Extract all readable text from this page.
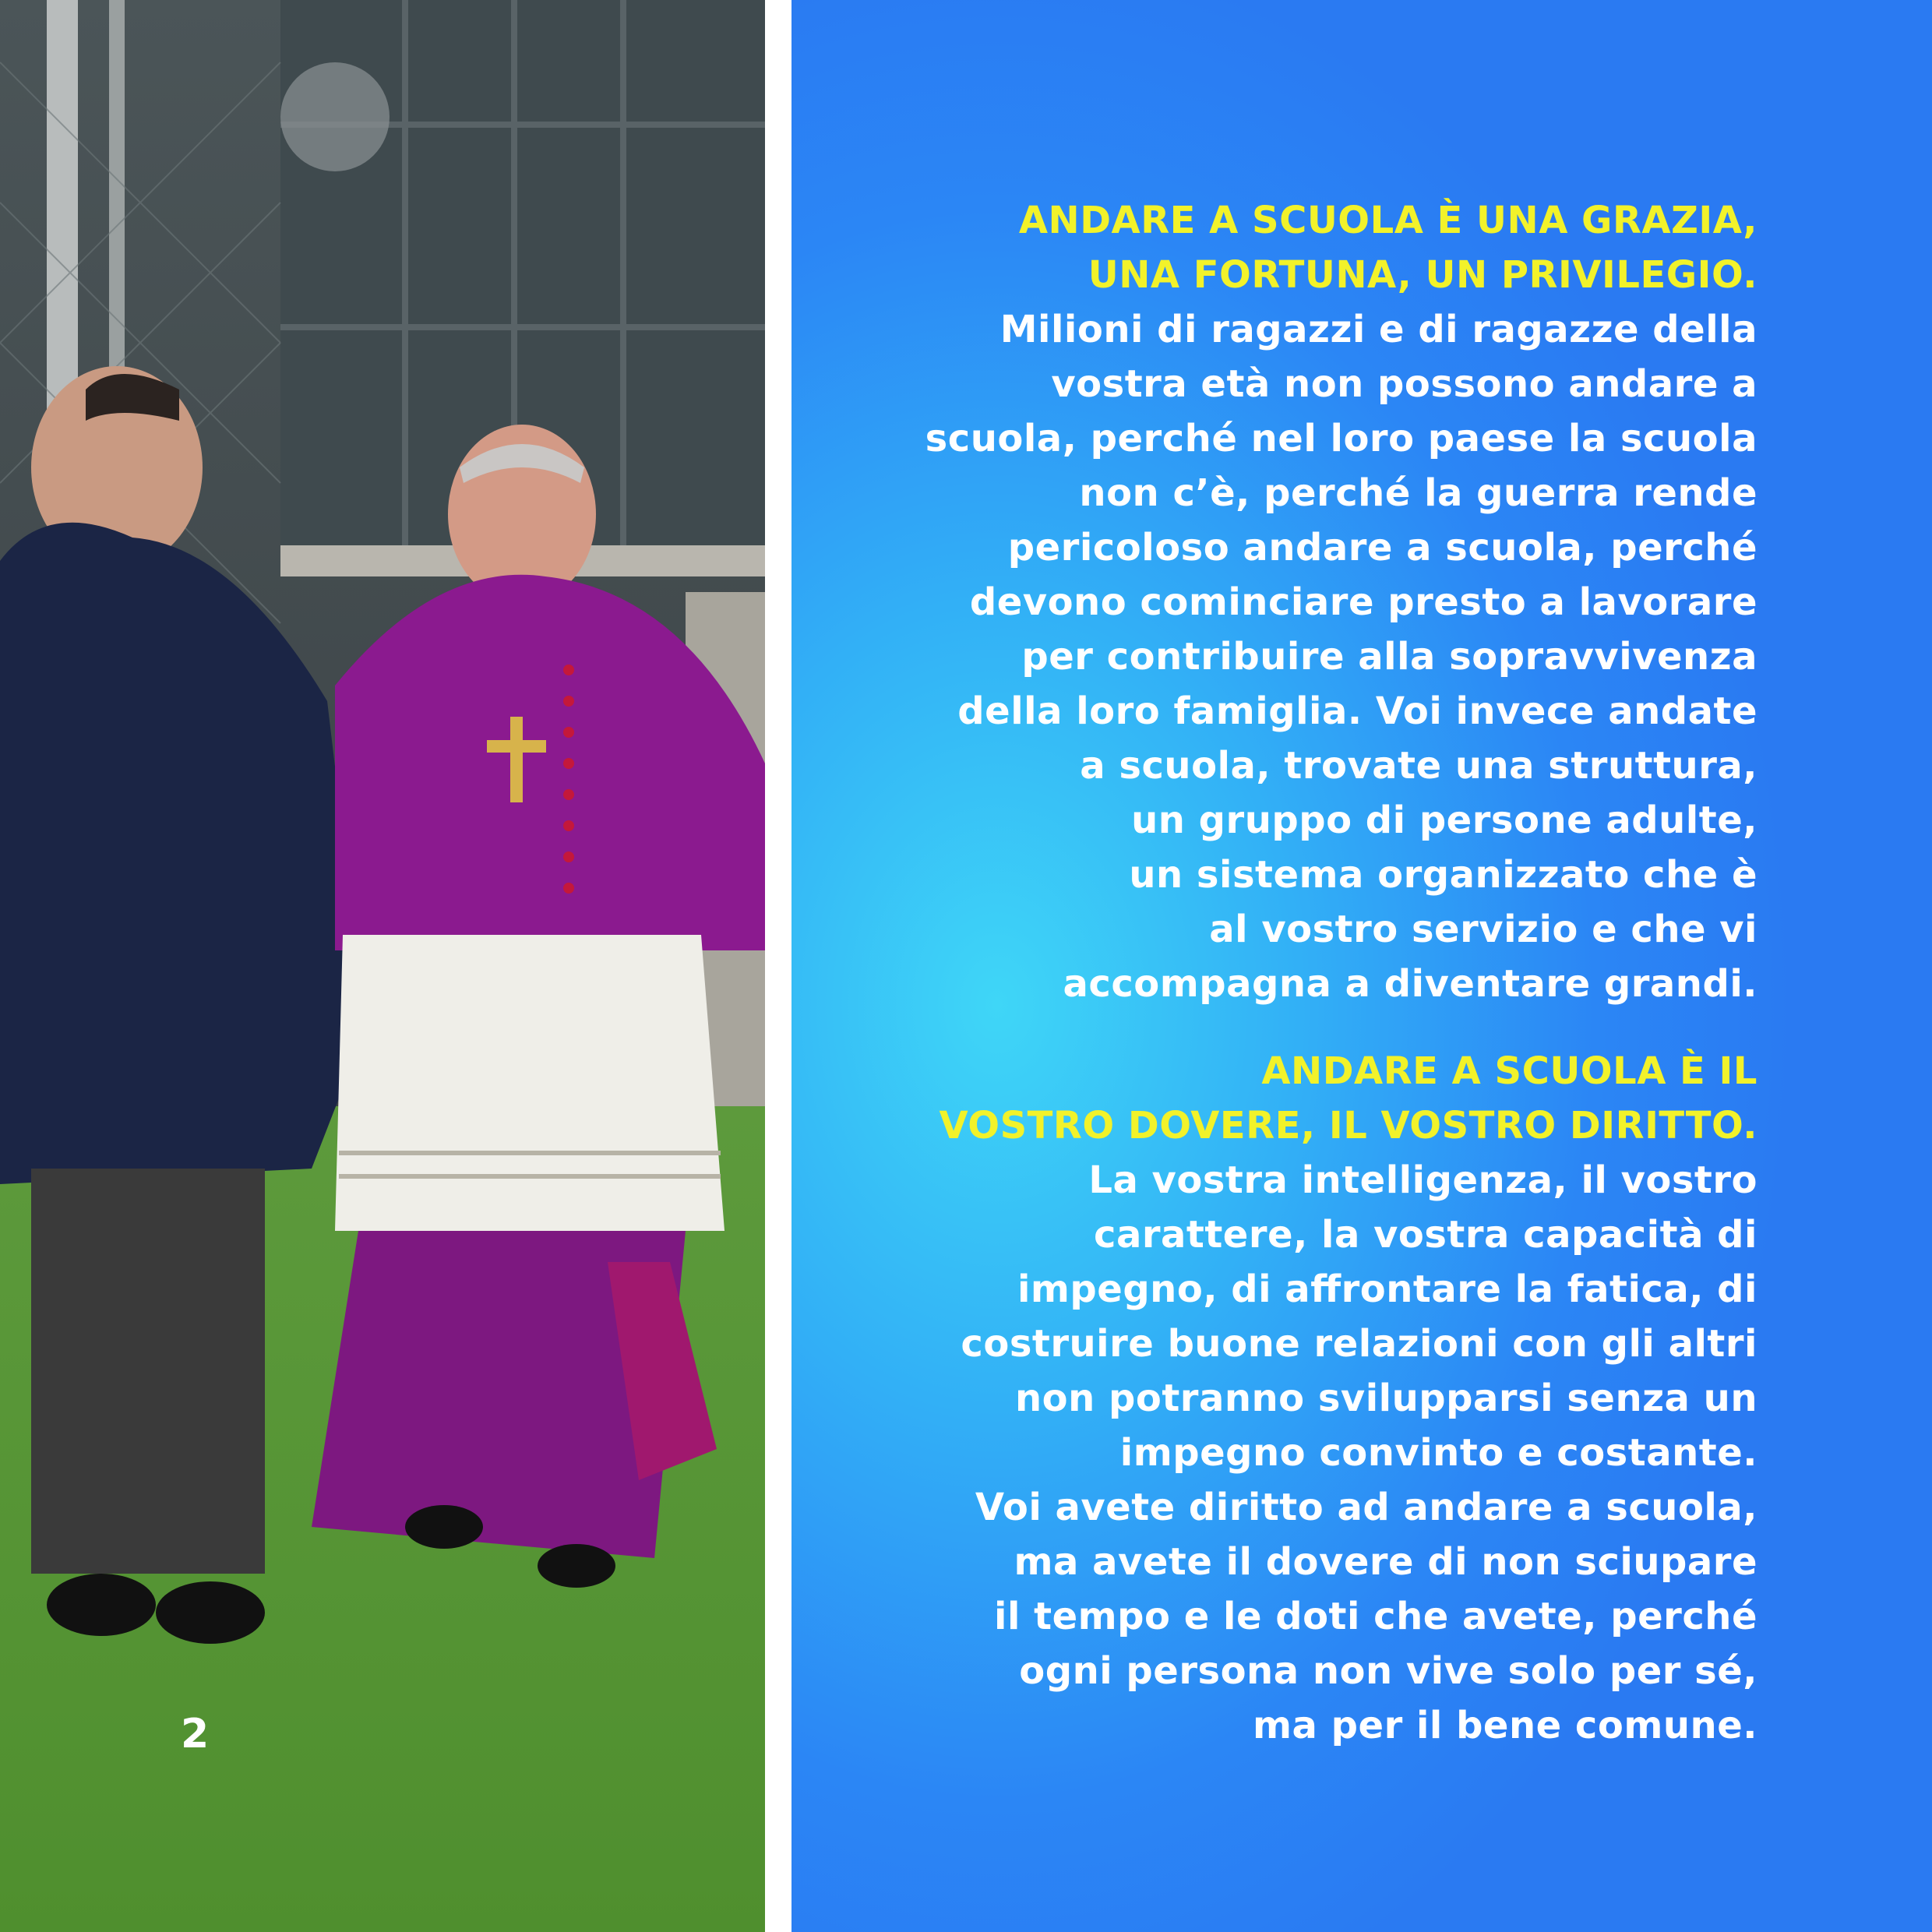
2
ANDARE A SCUOLA È UNA GRAZIA,
UNA FORTUNA, UN PRIVILEGIO.
Milioni di ragazzi e di ragazze della
vostra età non possono andare a
scuola, perché nel loro paese la scuola
non c’è, perché la guerra rende
pericoloso andare a scuola, perché
devono cominciare presto a lavorare
per contribuire alla sopravvivenza
della loro famiglia. Voi invece andate
a scuola, trovate una struttura,
un gruppo di persone adulte,
un sistema organizzato che è
al vostro servizio e che vi
accompagna a diventare grandi.
ANDARE A SCUOLA È IL
VOSTRO DOVERE, IL VOSTRO DIRITTO.
La vostra intelligenza, il vostro
carattere, la vostra capacità di
impegno, di aﬀrontare la fatica, di
costruire buone relazioni con gli altri
non potranno svilupparsi senza un
impegno convinto e costante.
Voi avete diritto ad andare a scuola,
ma avete il dovere di non sciupare
il tempo e le doti che avete, perché
ogni persona non vive solo per sé,
ma per il bene comune.
